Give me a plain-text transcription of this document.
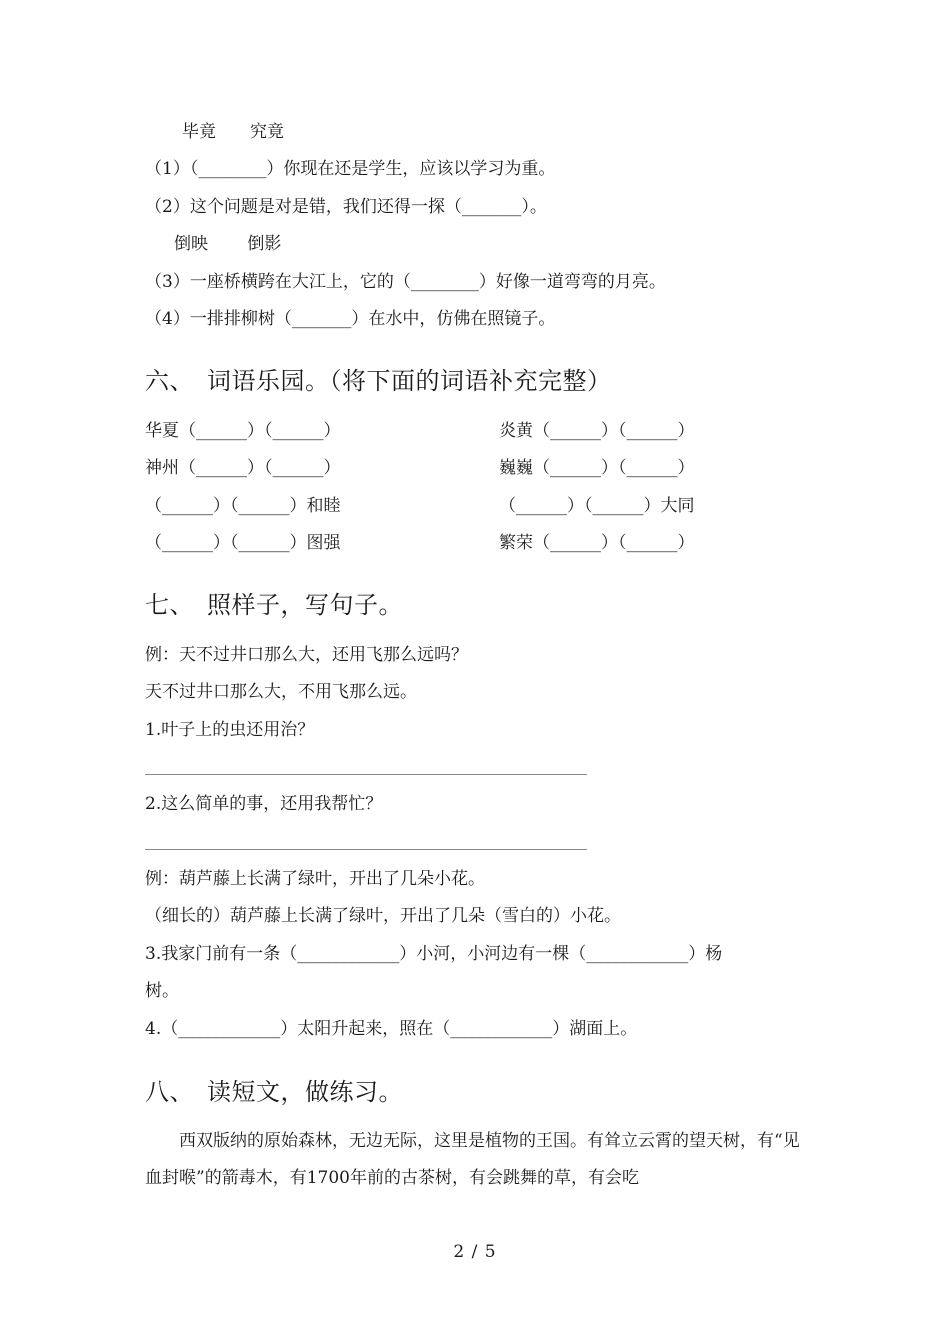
毕竟　　究竟
（1）（________）你现在还是学生，应该以学习为重。
（2）这个问题是对是错，我们还得一探（_______）。
倒映　　 倒影
（3）一座桥横跨在大江上，它的（________）好像一道弯弯的月亮。
（4）一排排柳树（_______）在水中，仿佛在照镜子。
六、 词语乐园。（将下面的词语补充完整）
华夏（______）（______）
神州（______）（______）
（______）（______）和睦
（______）（______）图强
炎黄（______）（______）
巍巍（______）（______）
（______）（______）大同
繁荣（______）（______）
七、 照样子，写句子。
例：天不过井口那么大，还用飞那么远吗？
天不过井口那么大，不用飞那么远。
1.叶子上的虫还用治？
2.这么简单的事，还用我帮忙？
例：葫芦藤上长满了绿叶，开出了几朵小花。
（细长的）葫芦藤上长满了绿叶，开出了几朵（雪白的）小花。
3.我家门前有一条（____________）小河，小河边有一棵（____________）杨
树。
4.（____________）太阳升起来，照在（____________）湖面上。
八、 读短文，做练习。
西双版纳的原始森林，无边无际，这里是植物的王国。有耸立云霄的望天树，有“见血封喉”的箭毒木，有1700年前的古茶树，有会跳舞的草，有会吃
2 / 5
